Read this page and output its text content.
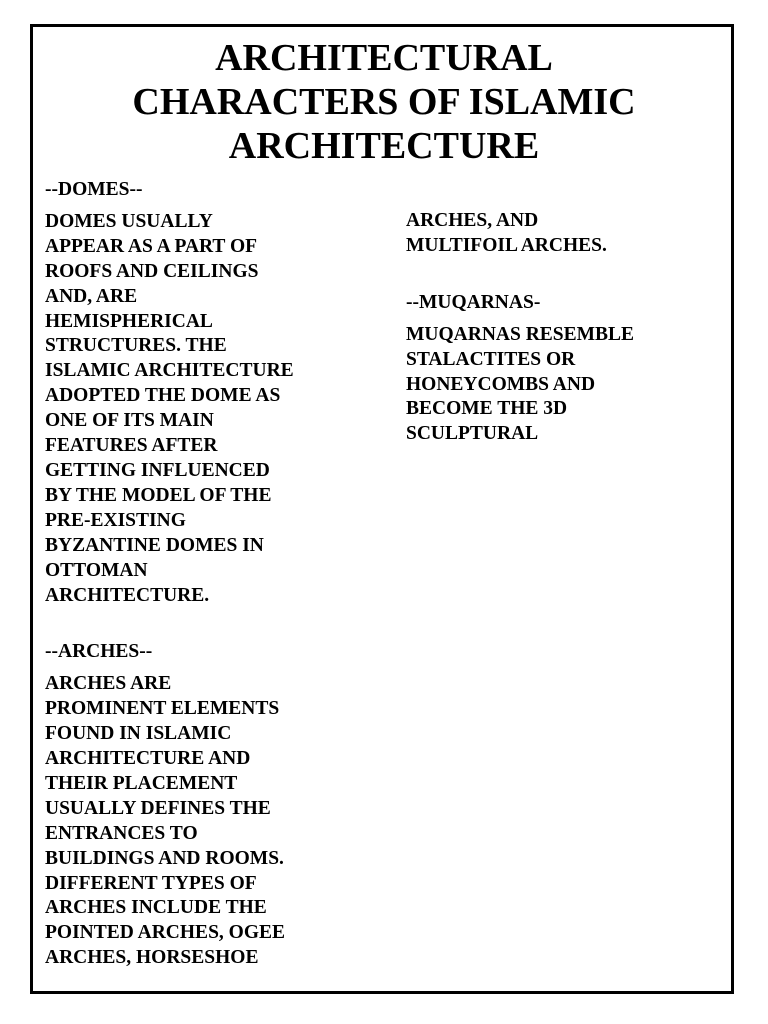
ARCHITECTURAL
CHARACTERS OF ISLAMIC
ARCHITECTURE

--DOMES--

DOMES USUALLY
APPEAR AS A PART OF
ROOFS AND CEILINGS
AND, ARE
HEMISPHERICAL
STRUCTURES. THE
ISLAMIC ARCHITECTURE
ADOPTED THE DOME AS
ONE OF ITS MAIN
FEATURES AFTER
GETTING INFLUENCED
BY THE MODEL OF THE
PRE-EXISTING
BYZANTINE DOMES IN
OTTOMAN
ARCHITECTURE.

--ARCHES--

ARCHES ARE
PROMINENT ELEMENTS
FOUND IN ISLAMIC
ARCHITECTURE AND
THEIR PLACEMENT
USUALLY DEFINES THE
ENTRANCES TO
BUILDINGS AND ROOMS.
DIFFERENT TYPES OF
ARCHES INCLUDE THE
POINTED ARCHES, OGEE
ARCHES, HORSESHOE

ARCHES, AND
MULTIFOIL ARCHES.

--MUQARNAS-

MUQARNAS RESEMBLE
STALACTITES OR
HONEYCOMBS AND
BECOME THE 3D
SCULPTURAL
